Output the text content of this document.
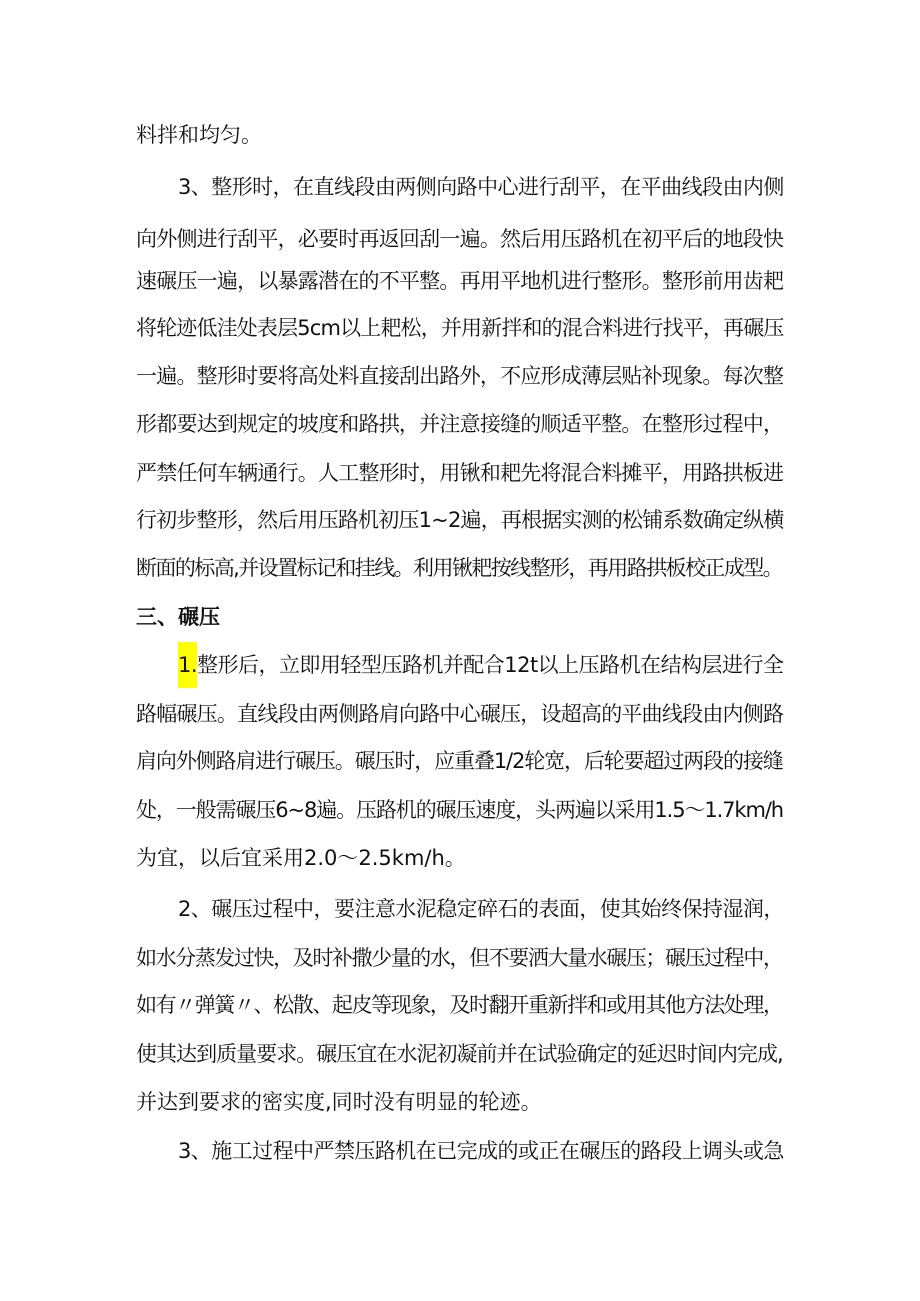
料拌和均匀。
3、整形时，在直线段由两侧向路中心进行刮平，在平曲线段由内侧
向外侧进行刮平，必要时再返回刮一遍。然后用压路机在初平后的地段快
速碾压一遍，以暴露潜在的不平整。再用平地机进行整形。整形前用齿耙
将轮迹低洼处表层5cm以上耙松，并用新拌和的混合料进行找平，再碾压
一遍。整形时要将高处料直接刮出路外，不应形成薄层贴补现象。每次整
形都要达到规定的坡度和路拱，并注意接缝的顺适平整。在整形过程中，
严禁任何车辆通行。人工整形时，用锹和耙先将混合料摊平，用路拱板进
行初步整形，然后用压路机初压1~2遍，再根据实测的松铺系数确定纵横
断面的标高,并设置标记和挂线。利用锹耙按线整形，再用路拱板校正成型。
三、碾压
1.整形后，立即用轻型压路机并配合12t以上压路机在结构层进行全
路幅碾压。直线段由两侧路肩向路中心碾压，设超高的平曲线段由内侧路
肩向外侧路肩进行碾压。碾压时，应重叠1/2轮宽，后轮要超过两段的接缝
处，一般需碾压6~8遍。压路机的碾压速度，头两遍以采用1.5〜1.7km∕h
为宜，以后宜采用2.0〜2.5km∕h。
2、碾压过程中，要注意水泥稳定碎石的表面，使其始终保持湿润，
如水分蒸发过快，及时补撒少量的水，但不要洒大量水碾压；碾压过程中，
如有〃弹簧〃、松散、起皮等现象，及时翻开重新拌和或用其他方法处理，
使其达到质量要求。碾压宜在水泥初凝前并在试验确定的延迟时间内完成,
并达到要求的密实度,同时没有明显的轮迹。
3、施工过程中严禁压路机在已完成的或正在碾压的路段上调头或急
